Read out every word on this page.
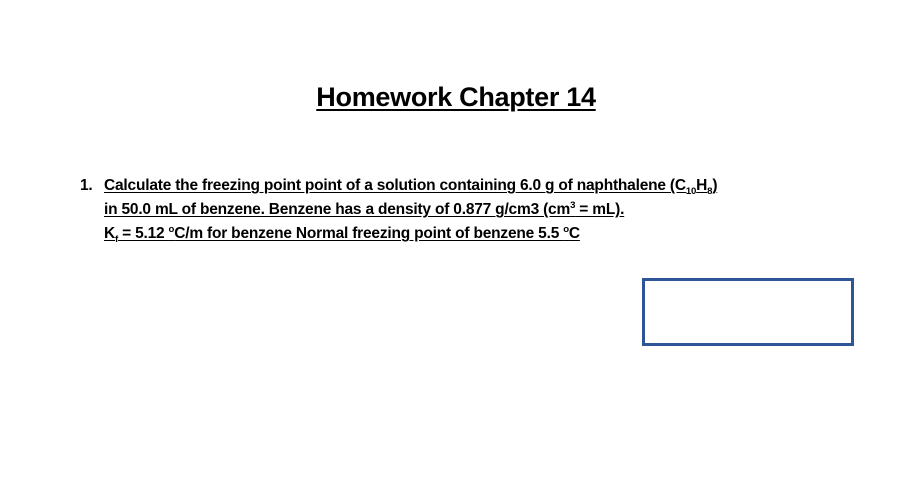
Homework Chapter 14
1. Calculate the freezing point point of a solution containing 6.0 g of naphthalene $(C_{10}H_8)$
in 50.0 mL of benzene. Benzene has a density of 0.877 g/cm3 $(cm^3 = mL)$.
$K_f = 5.12$ $^o$C/m for benzene Normal freezing point of benzene 5.5 $^o$C
